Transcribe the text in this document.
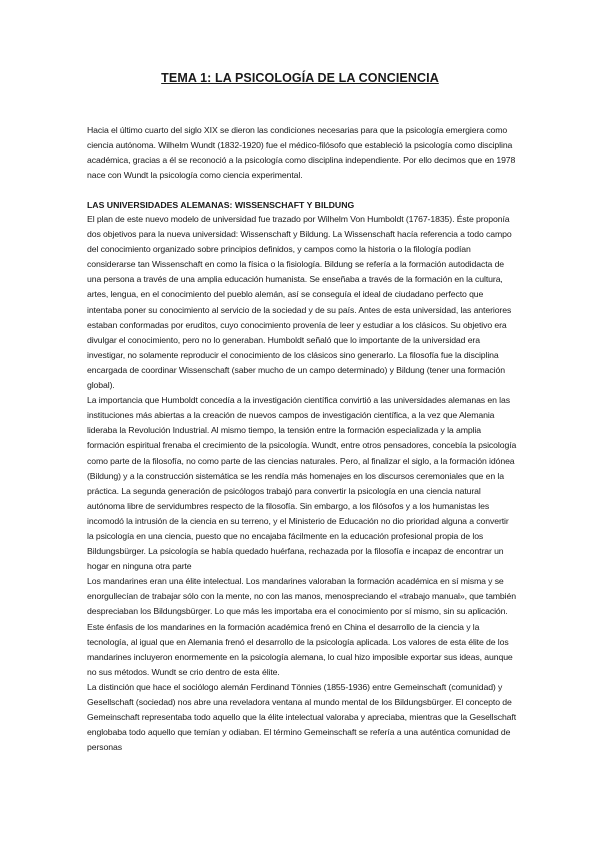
TEMA 1: LA PSICOLOGÍA DE LA CONCIENCIA

Hacia el último cuarto del siglo XIX se dieron las condiciones necesarias para que la psicología emergiera como ciencia autónoma. Wilhelm Wundt (1832-1920) fue el médico-filósofo que estableció la psicología como disciplina académica, gracias a él se reconoció a la psicología como disciplina independiente. Por ello decimos que en 1978 nace con Wundt la psicología como ciencia experimental.

LAS UNIVERSIDADES ALEMANAS: WISSENSCHAFT Y BILDUNG

El plan de este nuevo modelo de universidad fue trazado por Wilhelm Von Humboldt (1767-1835). Éste proponía dos objetivos para la nueva universidad: Wissenschaft y Bildung. La Wissenschaft hacía referencia a todo campo del conocimiento organizado sobre principios definidos, y campos como la historia o la filología podían considerarse tan Wissenschaft en como la física o la fisiología. Bildung se refería a la formación autodidacta de una persona a través de una amplia educación humanista. Se enseñaba a través de la formación en la cultura, artes, lengua, en el conocimiento del pueblo alemán, así se conseguía el ideal de ciudadano perfecto que intentaba poner su conocimiento al servicio de la sociedad y de su país. Antes de esta universidad, las anteriores estaban conformadas por eruditos, cuyo conocimiento provenía de leer y estudiar a los clásicos. Su objetivo era divulgar el conocimiento, pero no lo generaban. Humboldt señaló que lo importante de la universidad era investigar, no solamente reproducir el conocimiento de los clásicos sino generarlo. La filosofía fue la disciplina encargada de coordinar Wissenschaft (saber mucho de un campo determinado) y Bildung (tener una formación global).

La importancia que Humboldt concedía a la investigación científica convirtió a las universidades alemanas en las instituciones más abiertas a la creación de nuevos campos de investigación científica, a la vez que Alemania lideraba la Revolución Industrial. Al mismo tiempo, la tensión entre la formación especializada y la amplia formación espiritual frenaba el crecimiento de la psicología. Wundt, entre otros pensadores, concebía la psicología como parte de la filosofía, no como parte de las ciencias naturales. Pero, al finalizar el siglo, a la formación idónea (Bildung) y a la construcción sistemática se les rendía más homenajes en los discursos ceremoniales que en la práctica. La segunda generación de psicólogos trabajó para convertir la psicología en una ciencia natural autónoma libre de servidumbres respecto de la filosofía. Sin embargo, a los filósofos y a los humanistas les incomodó la intrusión de la ciencia en su terreno, y el Ministerio de Educación no dio prioridad alguna a convertir la psicología en una ciencia, puesto que no encajaba fácilmente en la educación profesional propia de los Bildungsbürger. La psicología se había quedado huérfana, rechazada por la filosofía e incapaz de encontrar un hogar en ninguna otra parte

Los mandarines eran una élite intelectual. Los mandarines valoraban la formación académica en sí misma y se enorgullecían de trabajar sólo con la mente, no con las manos, menospreciando el «trabajo manual», que también despreciaban los Bildungsbürger. Lo que más les importaba era el conocimiento por sí mismo, sin su aplicación. Este énfasis de los mandarines en la formación académica frenó en China el desarrollo de la ciencia y la tecnología, al igual que en Alemania frenó el desarrollo de la psicología aplicada. Los valores de esta élite de los mandarines incluyeron enormemente en la psicología alemana, lo cual hizo imposible exportar sus ideas, aunque no sus métodos. Wundt se crio dentro de esta élite.

La distinción que hace el sociólogo alemán Ferdinand Tönnies (1855-1936) entre Gemeinschaft (comunidad) y Gesellschaft (sociedad) nos abre una reveladora ventana al mundo mental de los Bildungsbürger. El concepto de Gemeinschaft representaba todo aquello que la élite intelectual valoraba y apreciaba, mientras que la Gesellschaft englobaba todo aquello que temían y odiaban. El término Gemeinschaft se refería a una auténtica comunidad de personas
